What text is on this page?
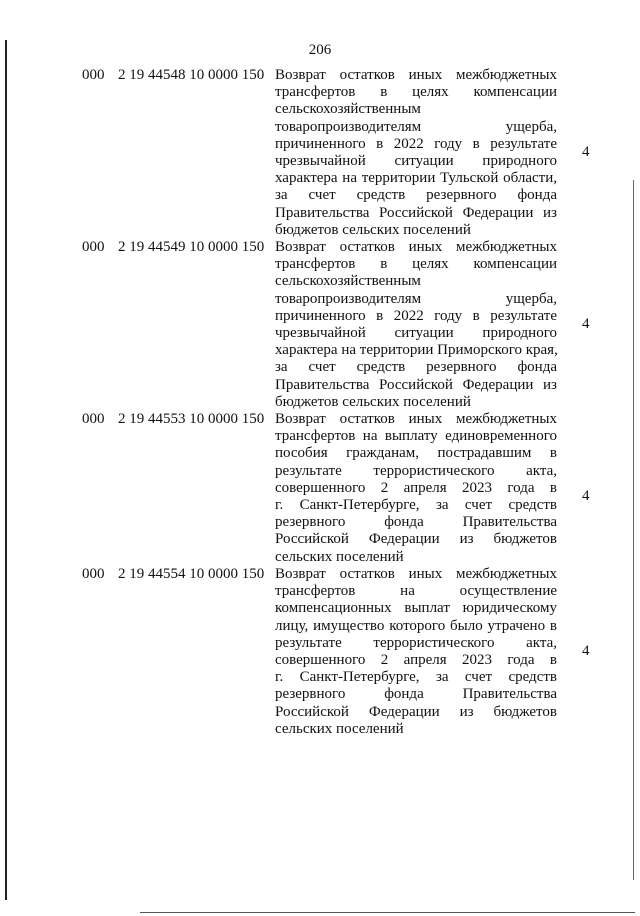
206
000 2 19 44548 10 0000 150 Возврат остатков иных межбюджетных
трансфертов в целях компенсации
сельскохозяйственным
товаропроизводителям ущерба,
причиненного в 2022 году в результате
чрезвычайной ситуации природного
характера на территории Тульской области,
за счет средств резервного фонда
Правительства Российской Федерации из
бюджетов сельских поселений
4
000 2 19 44549 10 0000 150 Возврат остатков иных межбюджетных
трансфертов в целях компенсации
сельскохозяйственным
товаропроизводителям ущерба,
причиненного в 2022 году в результате
чрезвычайной ситуации природного
характера на территории Приморского края,
за счет средств резервного фонда
Правительства Российской Федерации из
бюджетов сельских поселений
4
000 2 19 44553 10 0000 150 Возврат остатков иных межбюджетных
трансфертов на выплату единовременного
пособия гражданам, пострадавшим в
результате террористического акта,
совершенного 2 апреля 2023 года в
г. Санкт-Петербурге, за счет средств
резервного фонда Правительства
Российской Федерации из бюджетов
сельских поселений
4
000 2 19 44554 10 0000 150 Возврат остатков иных межбюджетных
трансфертов на осуществление
компенсационных выплат юридическому
лицу, имущество которого было утрачено в
результате террористического акта,
совершенного 2 апреля 2023 года в
г. Санкт-Петербурге, за счет средств
резервного фонда Правительства
Российской Федерации из бюджетов
сельских поселений
4
